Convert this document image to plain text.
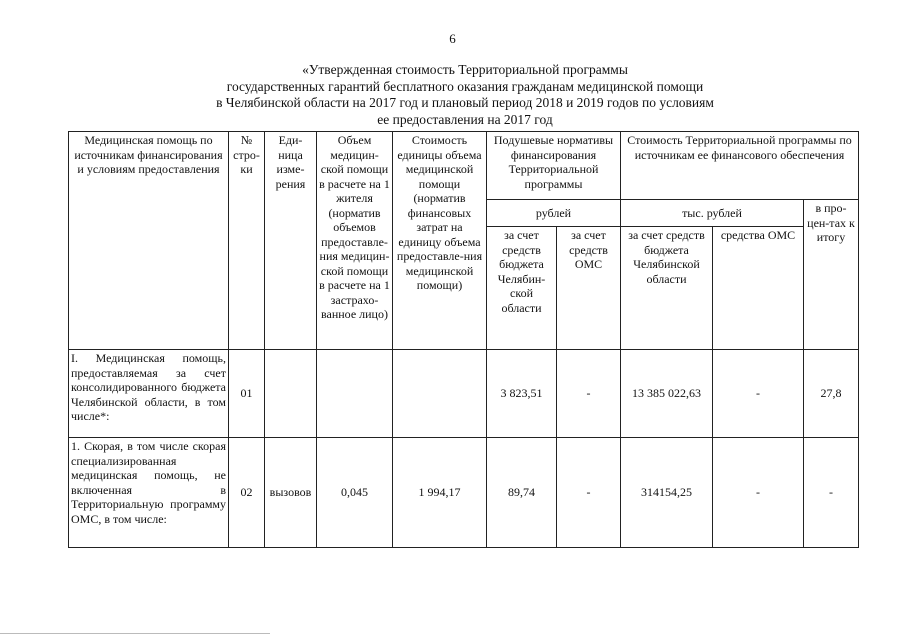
6
«Утвержденная стоимость Территориальной программы
государственных гарантий бесплатного оказания гражданам медицинской помощи
в Челябинской области на 2017 год и плановый период 2018 и 2019 годов по условиям
ее предоставления на 2017 год
Медицинская помощь по источникам финансирования и условиям предоставления	№ стро-ки	Еди-ница изме-рения	Объем медицин-ской помощи в расчете на 1 жителя (норматив объемов предоставле-ния медицин-ской помощи в расчете на 1 застрахо-ванное лицо)	Стоимость единицы объема медицинской помощи (норматив финансовых затрат на единицу объема предоставле-ния медицинской помощи)	Подушевые нормативы финансирования Территориальной программы		Стоимость Территориальной программы по источникам ее финансового обеспечения		
					рублей		тыс. рублей		в про-цен-тах к итогу
					за счет средств бюджета Челябин-ской области	за счет средств ОМС	за счет средств бюджета Челябинской области	средства ОМС	
I. Медицинская помощь, предоставляемая за счет консолидированного бюджета Челябинской области, в том числе*:	01				3 823,51	-	13 385 022,63	-	27,8
1. Скорая, в том числе скорая специализированная медицинская помощь, не включенная в Территориальную программу ОМС, в том числе:	02	вызовов	0,045	1 994,17	89,74	-	314154,25	-	-
